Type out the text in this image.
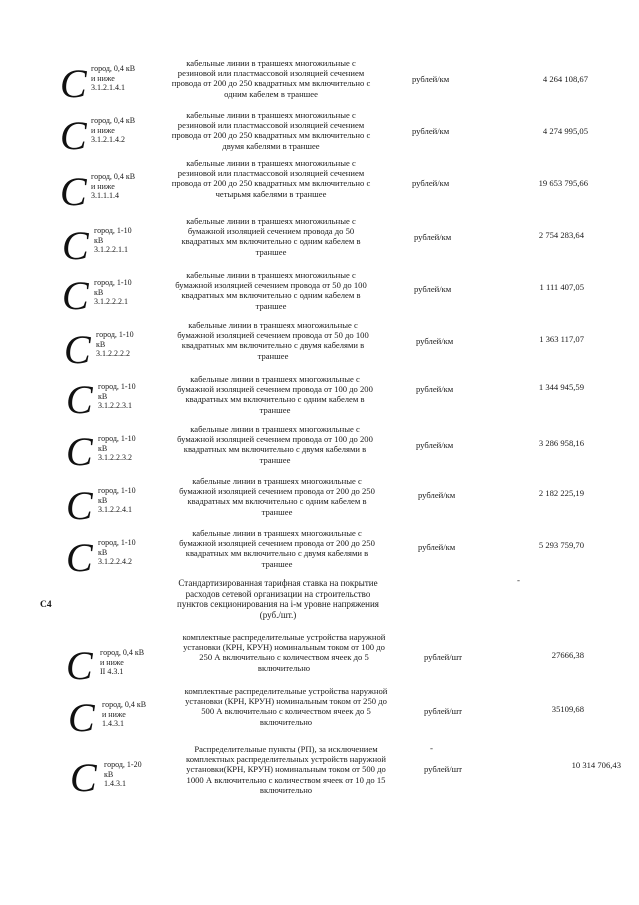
C город, 0,4 кВ
и ниже
3.1.2.1.4.1
кабельные линии в траншеях многожильные с
резиновой или пластмассовой изоляцией сечением
провода от 200 до 250 квадратных мм включительно с
одним кабелем в траншее
рублей/км	4 264 108,67
C город, 0,4 кВ
и ниже
3.1.2.1.4.2
кабельные линии в траншеях многожильные с
резиновой или пластмассовой изоляцией сечением
провода от 200 до 250 квадратных мм включительно с
двумя кабелями в траншее
рублей/км	4 274 995,05
C город, 0,4 кВ
и ниже
3.1.1.1.4
кабельные линии в траншеях многожильные с
резиновой или пластмассовой изоляцией сечением
провода от 200 до 250 квадратных мм включительно с
четырьмя кабелями в траншее
рублей/км	19 653 795,66
C город, 1-10
кВ
3.1.2.2.1.1
кабельные линии в траншеях многожильные с
бумажной изоляцией сечением провода до 50
квадратных мм включительно с одним кабелем в
траншее
рублей/км	2 754 283,64
C город, 1-10
кВ
3.1.2.2.2.1
кабельные линии в траншеях многожильные с
бумажной изоляцией сечением провода от 50 до 100
квадратных мм включительно с одним кабелем в
траншее
рублей/км	1 111 407,05
C город, 1-10
кВ
3.1.2.2.2.2
кабельные линии в траншеях многожильные с
бумажной изоляцией сечением провода от 50 до 100
квадратных мм включительно с двумя кабелями в
траншее
рублей/км	1 363 117,07
C город, 1-10
кВ
3.1.2.2.3.1
кабельные линии в траншеях многожильные с
бумажной изоляцией сечением провода от 100 до 200
квадратных мм включительно с одним кабелем в
траншее
рублей/км	1 344 945,59
C город, 1-10
кВ
3.1.2.2.3.2
кабельные линии в траншеях многожильные с
бумажной изоляцией сечением провода от 100 до 200
квадратных мм включительно с двумя кабелями в
траншее
рублей/км	3 286 958,16
C город, 1-10
кВ
3.1.2.2.4.1
кабельные линии в траншеях многожильные с
бумажной изоляцией сечением провода от 200 до 250
квадратных мм включительно с одним кабелем в
траншее
рублей/км	2 182 225,19
C город, 1-10
кВ
3.1.2.2.4.2
кабельные линии в траншеях многожильные с
бумажной изоляцией сечением провода от 200 до 250
квадратных мм включительно с двумя кабелями в
траншее
рублей/км	5 293 759,70
-
С4
Стандартизированная тарифная ставка на покрытие
расходов сетевой организации на строительство
пунктов секционирования на i-м уровне напряжения
(руб./шт.)
C город, 0,4 кВ
и ниже
II 4.3.1
комплектные распределительные устройства наружной
установки (КРН, КРУН) номинальным током от 100 до
250 А включительно с количеством ячеек до 5
включительно
рублей/шт	27666,38
C город, 0,4 кВ
и ниже
1.4.3.1
комплектные распределительные устройства наружной
установки (КРН, КРУН) номинальным током от 250 до
500 А включительно с количеством ячеек до 5
включительно
рублей/шт	35109,68
-
C город, 1-20
кВ
1.4.3.1
Распределительные пункты (РП), за исключением
комплектных распределительных устройств наружной
установки(КРН, КРУН) номинальным током от 500 до
1000 А включительно с количеством ячеек от 10 до 15
включительно
рублей/шт	10 314 706,43
